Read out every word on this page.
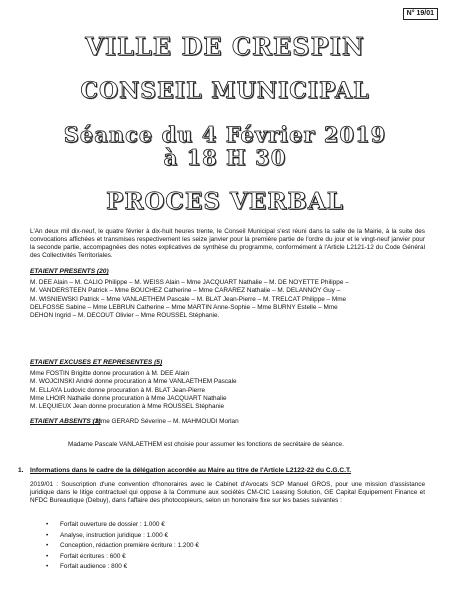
N° 19/01
VILLE DE CRESPIN
CONSEIL MUNICIPAL
Séance du 4 Février 2019
à 18 H 30
PROCES VERBAL
L'An deux mil dix-neuf, le quatre février à dix-huit heures trente, le Conseil Municipal s'est réuni dans la salle de la Mairie, à la suite des convocations affichées et transmises respectivement les seize janvier pour la première partie de l'ordre du jour et le vingt-neuf janvier pour la seconde partie, accompagnées des notes explicatives de synthèse du programme, conformément à l'Article L2121-12 du Code Général des Collectivités Territoriales.
ETAIENT PRESENTS (20)
M. DEE Alain – M. CALIO Philippe – M. WEISS Alain – Mme JACQUART Nathalie – M. DE NOYETTE Philippe –
M. VANDERSTEEN Patrick – Mme BOUCHEZ Catherine – Mme CARAREZ Nathalie – M. DELANNOY Guy –
M. WISNIEWSKI Patrick – Mme VANLAETHEM Pascale – M. BLAT Jean-Pierre – M. TRELCAT Philippe – Mme
DELFOSSE Sabine – Mme LEBRUN Catherine – Mme MARTIN Anne-Sophie – Mme BURNY Estelle – Mme
DEHON Ingrid – M. DECOUT Olivier – Mme ROUSSEL Stéphanie.
ETAIENT EXCUSES ET REPRESENTES (5)
Mme FOSTIN Brigitte donne procuration à M. DEE Alain
M. WOJCINSKI André donne procuration à Mme VANLAETHEM Pascale
M. ELLAYA Ludovic donne procuration à M. BLAT Jean-Pierre
Mme LHOIR Nathalie donne procuration à Mme JACQUART Nathalie
M. LEQUIEUX Jean donne procuration à Mme ROUSSEL Stéphanie
ETAIENT ABSENTS (2)
: Mme GERARD Séverine – M. MAHMOUDI Morlan
Madame Pascale VANLAETHEM est choisie pour assumer les fonctions de secrétaire de séance.
1. Informations dans le cadre de la délégation accordée au Maire au titre de l'Article L2122-22 du C.G.C.T.
2019/01 : Souscription d'une convention d'honoraires avec le Cabinet d'Avocats SCP Manuel GROS, pour une mission d'assistance juridique dans le litige contractuel qui oppose à la Commune aux sociétés CM-CIC Leasing Solution, GE Capital Equipement Finance et NFDC Bureautique (Debuy), dans l'affaire des photocopieurs, selon un honoraire fixe sur les bases suivantes :
• Forfait ouverture de dossier : 1.000 €
• Analyse, instruction juridique : 1.000 €
• Conception, rédaction première écriture : 1.200 €
• Forfait écritures : 600 €
• Forfait audience : 800 €
